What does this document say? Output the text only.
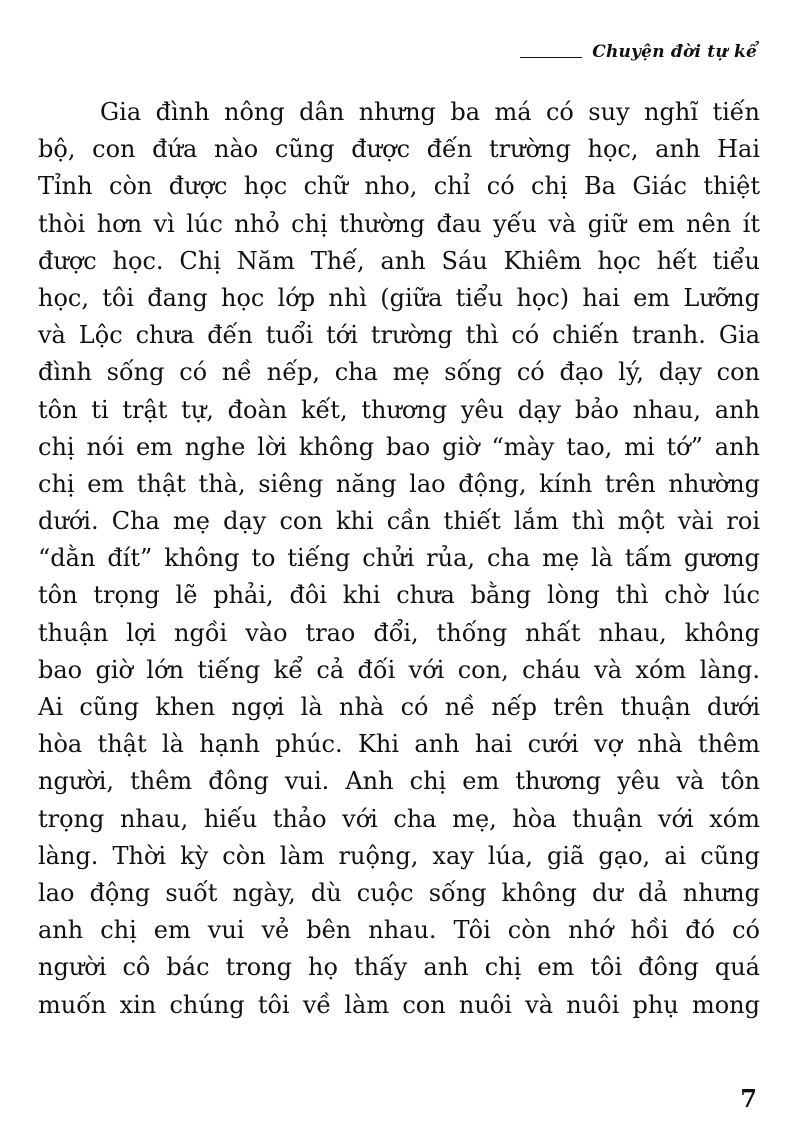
Chuyện đời tự kể
Gia đình nông dân nhưng ba má có suy nghĩ tiến
bộ, con đứa nào cũng được đến trường học, anh Hai
Tỉnh còn được học chữ nho, chỉ có chị Ba Giác thiệt
thòi hơn vì lúc nhỏ chị thường đau yếu và giữ em nên ít
được học. Chị Năm Thế, anh Sáu Khiêm học hết tiểu
học, tôi đang học lớp nhì (giữa tiểu học) hai em Lưỡng
và Lộc chưa đến tuổi tới trường thì có chiến tranh. Gia
đình sống có nề nếp, cha mẹ sống có đạo lý, dạy con
tôn ti trật tự, đoàn kết, thương yêu dạy bảo nhau, anh
chị nói em nghe lời không bao giờ “mày tao, mi tớ” anh
chị em thật thà, siêng năng lao động, kính trên nhường
dưới. Cha mẹ dạy con khi cần thiết lắm thì một vài roi
“dằn đít” không to tiếng chửi rủa, cha mẹ là tấm gương
tôn trọng lẽ phải, đôi khi chưa bằng lòng thì chờ lúc
thuận lợi ngồi vào trao đổi, thống nhất nhau, không
bao giờ lớn tiếng kể cả đối với con, cháu và xóm làng.
Ai cũng khen ngợi là nhà có nề nếp trên thuận dưới
hòa thật là hạnh phúc. Khi anh hai cưới vợ nhà thêm
người, thêm đông vui. Anh chị em thương yêu và tôn
trọng nhau, hiếu thảo với cha mẹ, hòa thuận với xóm
làng. Thời kỳ còn làm ruộng, xay lúa, giã gạo, ai cũng
lao động suốt ngày, dù cuộc sống không dư dả nhưng
anh chị em vui vẻ bên nhau. Tôi còn nhớ hồi đó có
người cô bác trong họ thấy anh chị em tôi đông quá
muốn xin chúng tôi về làm con nuôi và nuôi phụ mong
7
